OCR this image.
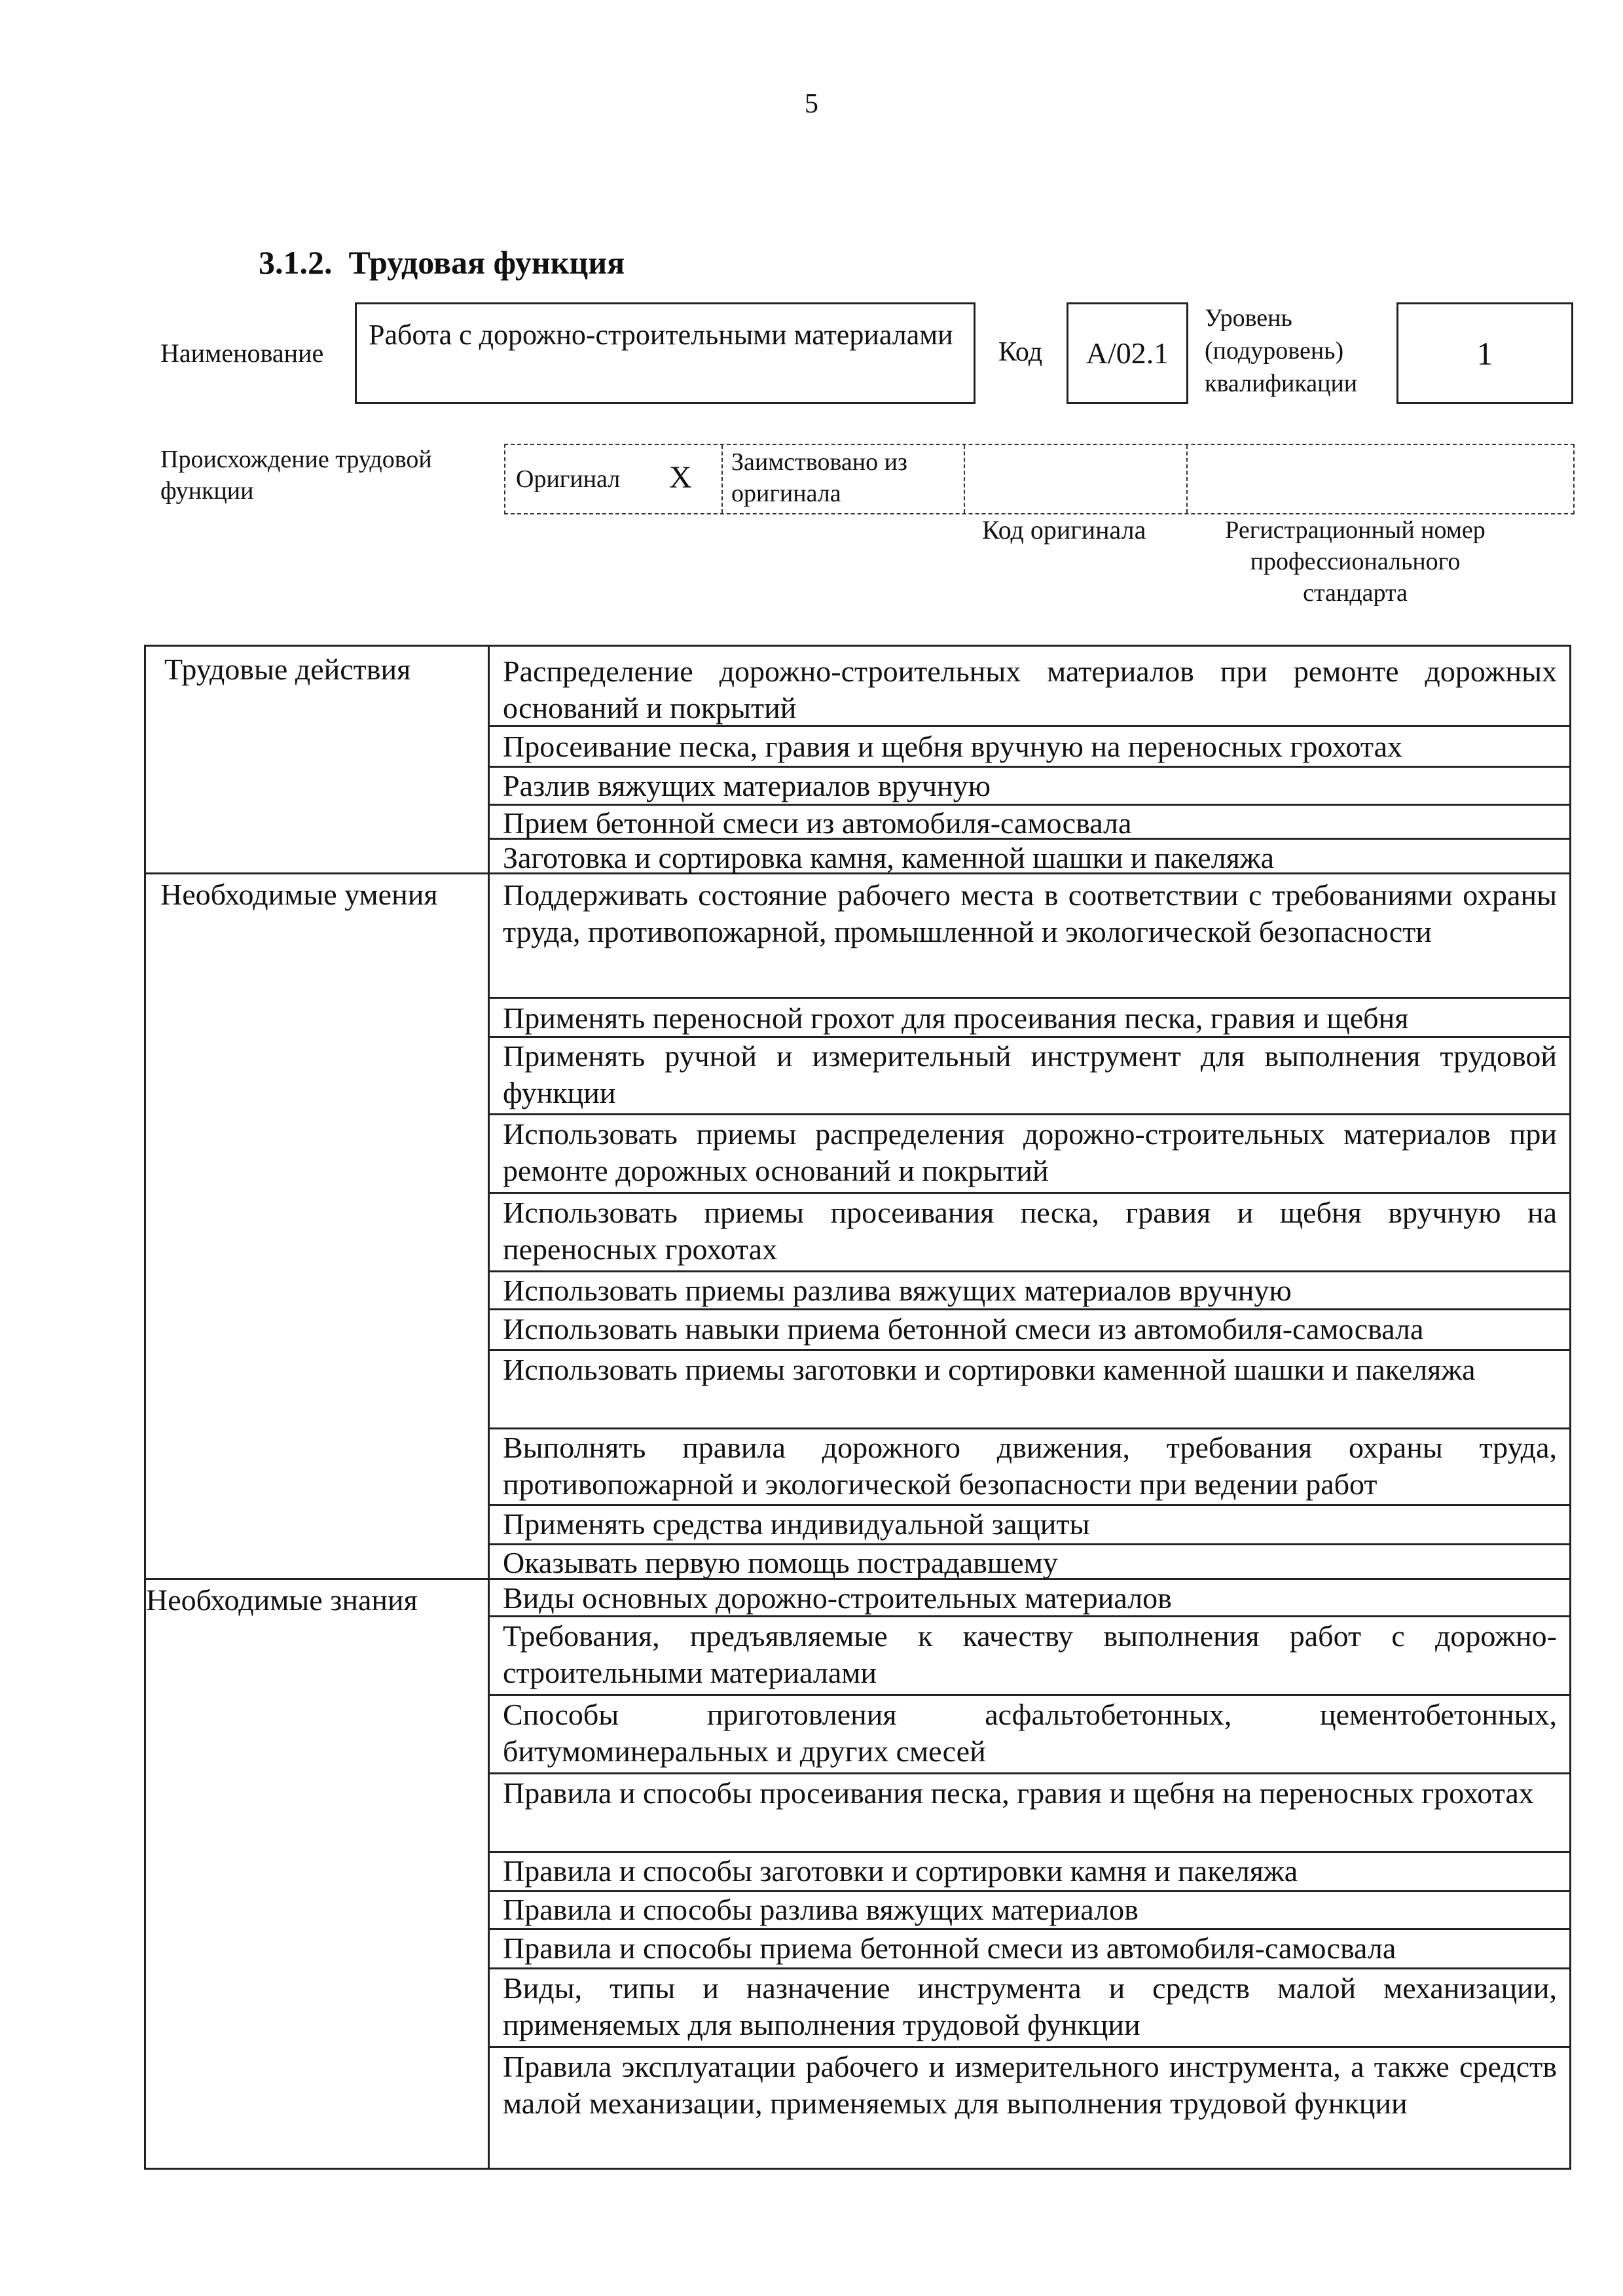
5
3.1.2. Трудовая функция
Наименование
Работа с дорожно-строительными материалами
Код А/02.1
Уровень
(подуровень)
квалификации
1
Происхождение трудовой
функции	Оригинал X Заимствовано из
оригинала
Код оригинала	Регистрационный номер
профессионального
стандарта
Трудовые действия
Необходимые умения
Необходимые знания
Распределение дорожно-строительных материалов при ремонте дорожных оснований и покрытий
Просеивание песка, гравия и щебня вручную на переносных грохотах
Разлив вяжущих материалов вручную
Прием бетонной смеси из автомобиля-самосвала
Заготовка и сортировка камня, каменной шашки и пакеляжа
Поддерживать состояние рабочего места в соответствии с требованиями охраны труда, противопожарной, промышленной и экологической безопасности
Применять переносной грохот для просеивания песка, гравия и щебня
Применять ручной и измерительный инструмент для выполнения трудовой функции
Использовать приемы распределения дорожно-строительных материалов при ремонте дорожных оснований и покрытий
Использовать приемы просеивания песка, гравия и щебня вручную на переносных грохотах
Использовать приемы разлива вяжущих материалов вручную
Использовать навыки приема бетонной смеси из автомобиля-самосвала
Использовать приемы заготовки и сортировки каменной шашки и пакеляжа
Выполнять правила дорожного движения, требования охраны труда, противопожарной и экологической безопасности при ведении работ
Применять средства индивидуальной защиты
Оказывать первую помощь пострадавшему
Виды основных дорожно-строительных материалов
Требования, предъявляемые к качеству выполнения работ с дорожно-строительными материалами
Способы приготовления асфальтобетонных, цементобетонных, битумоминеральных и других смесей
Правила и способы просеивания песка, гравия и щебня на переносных грохотах
Правила и способы заготовки и сортировки камня и пакеляжа
Правила и способы разлива вяжущих материалов
Правила и способы приема бетонной смеси из автомобиля-самосвала
Виды, типы и назначение инструмента и средств малой механизации, применяемых для выполнения трудовой функции
Правила эксплуатации рабочего и измерительного инструмента, а также средств малой механизации, применяемых для выполнения трудовой функции
